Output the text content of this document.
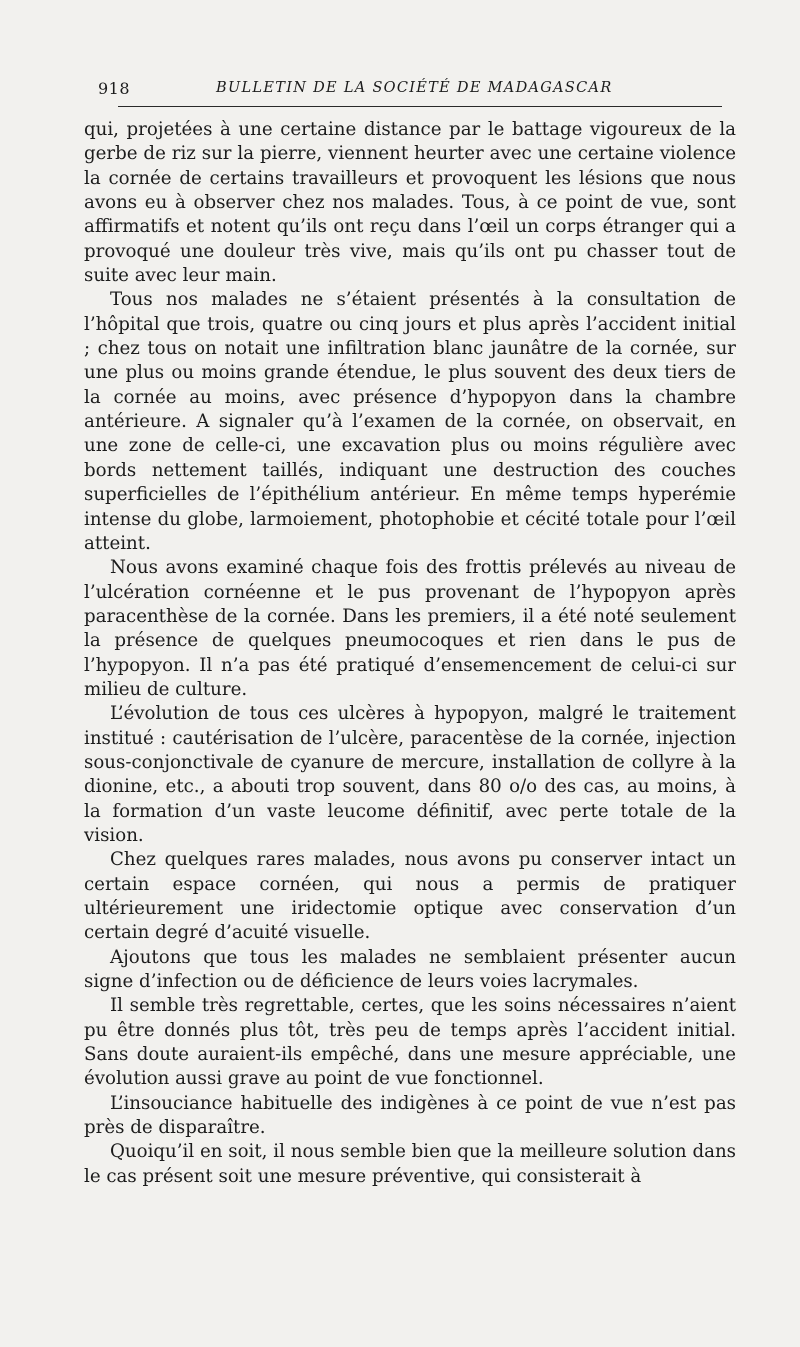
918	BULLETIN DE LA SOCIÉTÉ DE MADAGASCAR

qui, projetées à une certaine distance par le battage vigoureux de la gerbe de riz sur la pierre, viennent heurter avec une certaine violence la cornée de certains travailleurs et provoquent les lésions que nous avons eu à observer chez nos malades. Tous, à ce point de vue, sont affirmatifs et notent qu’ils ont reçu dans l’œil un corps étranger qui a provoqué une douleur très vive, mais qu’ils ont pu chasser tout de suite avec leur main.

Tous nos malades ne s’étaient présentés à la consultation de l’hôpital que trois, quatre ou cinq jours et plus après l’accident initial ; chez tous on notait une infiltration blanc jaunâtre de la cornée, sur une plus ou moins grande étendue, le plus souvent des deux tiers de la cornée au moins, avec présence d’hypopyon dans la chambre antérieure. A signaler qu’à l’examen de la cornée, on observait, en une zone de celle-ci, une excavation plus ou moins régulière avec bords nettement taillés, indiquant une destruction des couches superficielles de l’épithélium antérieur. En même temps hyperémie intense du globe, larmoiement, photophobie et cécité totale pour l’œil atteint.

Nous avons examiné chaque fois des frottis prélevés au niveau de l’ulcération cornéenne et le pus provenant de l’hypopyon après paracenthèse de la cornée. Dans les premiers, il a été noté seulement la présence de quelques pneumocoques et rien dans le pus de l’hypopyon. Il n’a pas été pratiqué d’ensemencement de celui-ci sur milieu de culture.

L’évolution de tous ces ulcères à hypopyon, malgré le traitement institué : cautérisation de l’ulcère, paracentèse de la cornée, injection sous-conjonctivale de cyanure de mercure, installation de collyre à la dionine, etc., a abouti trop souvent, dans 80 o/o des cas, au moins, à la formation d’un vaste leucome définitif, avec perte totale de la vision.

Chez quelques rares malades, nous avons pu conserver intact un certain espace cornéen, qui nous a permis de pratiquer ultérieurement une iridectomie optique avec conservation d’un certain degré d’acuité visuelle.

Ajoutons que tous les malades ne semblaient présenter aucun signe d’infection ou de déficience de leurs voies lacrymales.

Il semble très regrettable, certes, que les soins nécessaires n’aient pu être donnés plus tôt, très peu de temps après l’accident initial. Sans doute auraient-ils empêché, dans une mesure appréciable, une évolution aussi grave au point de vue fonctionnel.

L’insouciance habituelle des indigènes à ce point de vue n’est pas près de disparaître.

Quoiqu’il en soit, il nous semble bien que la meilleure solution dans le cas présent soit une mesure préventive, qui consisterait à
